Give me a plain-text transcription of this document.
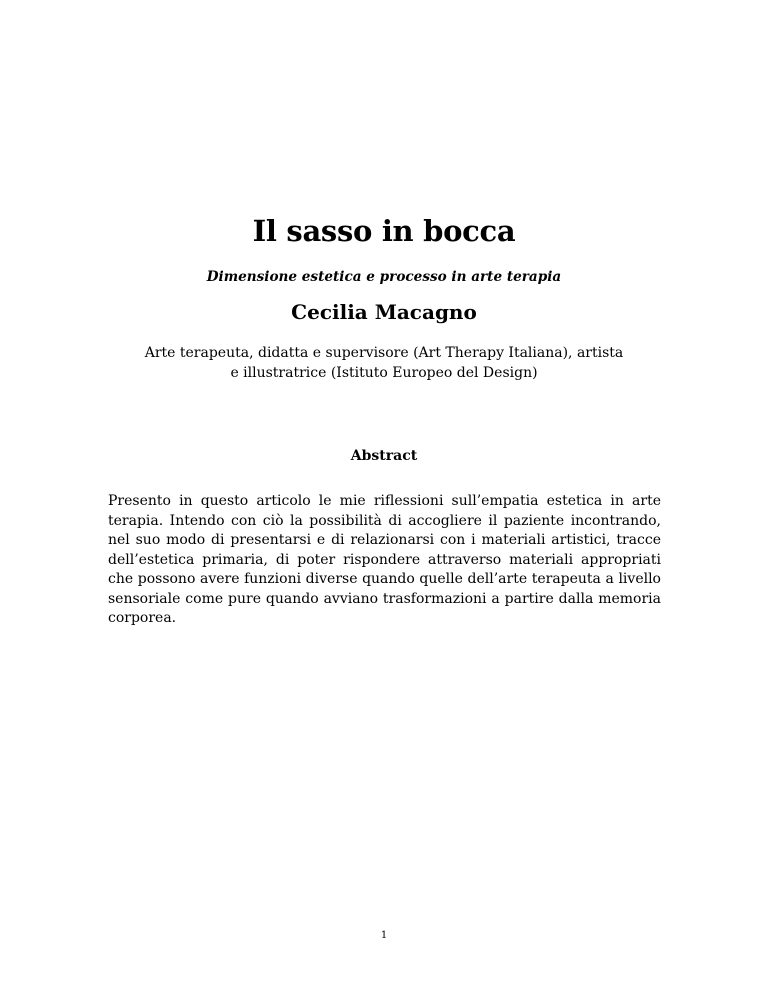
Il sasso in bocca

Dimensione estetica e processo in arte terapia

Cecilia Macagno

Arte terapeuta, didatta e supervisore (Art Therapy Italiana), artista e illustratrice (Istituto Europeo del Design)

Abstract

Presento in questo articolo le mie riflessioni sull’empatia estetica in arte terapia. Intendo con ciò la possibilità di accogliere il paziente incontrando, nel suo modo di presentarsi e di relazionarsi con i materiali artistici, tracce dell’estetica primaria, di poter rispondere attraverso materiali appropriati che possono avere funzioni diverse quando quelle dell’arte terapeuta a livello sensoriale come pure quando avviano trasformazioni a partire dalla memoria corporea.

1
